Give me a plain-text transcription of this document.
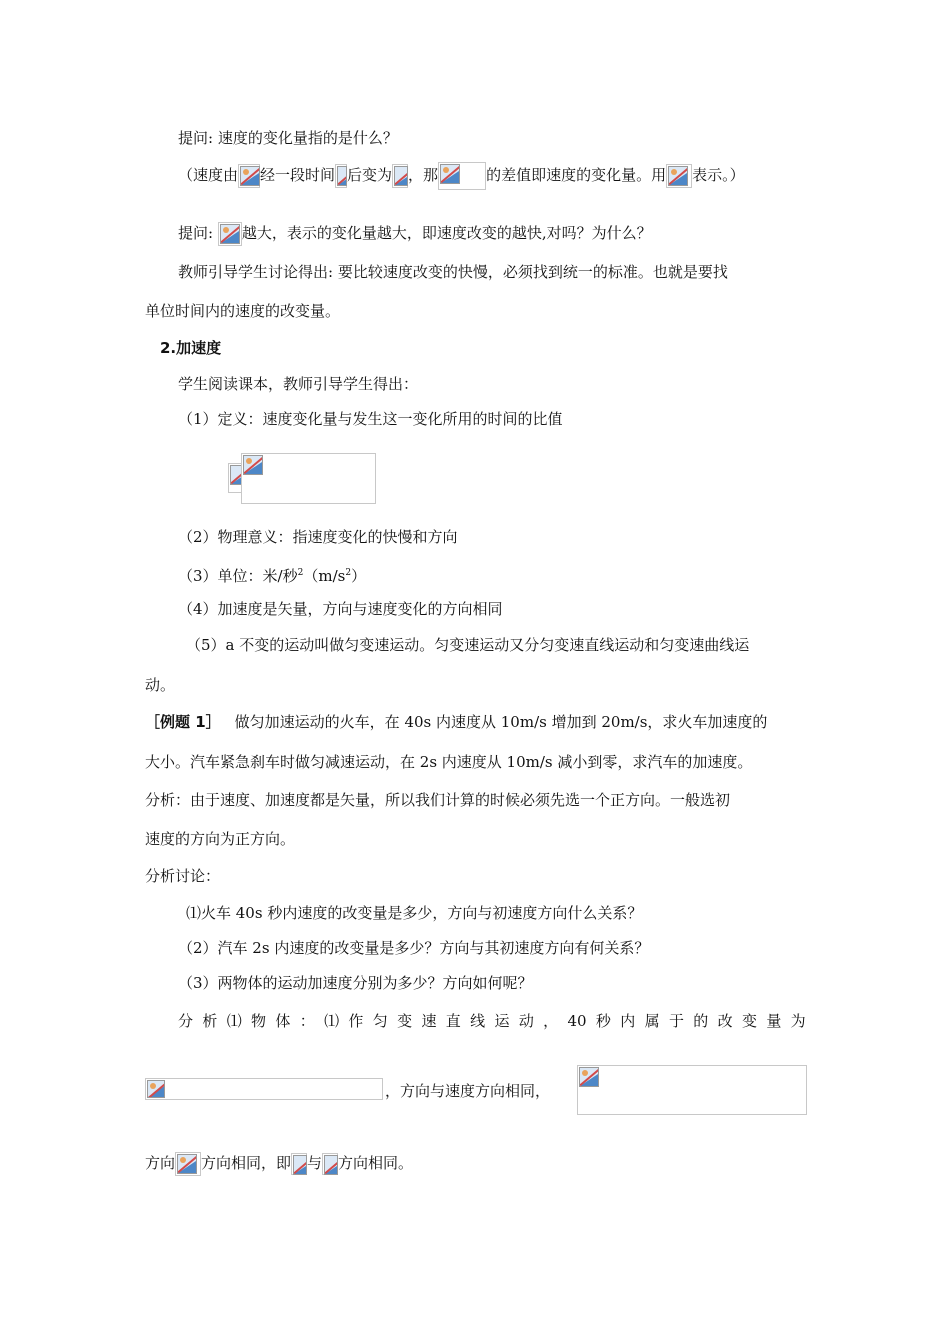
提问: 速度的变化量指的是什么？
（速度由 经一段时间 后变为 ，那	的差值即速度的变化量。用 表示。）
提问: 越大，表示的变化量越大，即速度改变的越快,对吗？为什么？
教师引导学生讨论得出: 要比较速度改变的快慢，必须找到统一的标准。也就是要找
单位时间内的速度的改变量。
2.加速度
学生阅读课本，教师引导学生得出：
（1）定义：速度变化量与发生这一变化所用的时间的比值
（2）物理意义：指速度变化的快慢和方向
（3）单位：米/秒$^2(m/s^2)$
（4）加速度是矢量，方向与速度变化的方向相同
（5）a 不变的运动叫做匀变速运动。匀变速运动又分匀变速直线运动和匀变速曲线运
动。
［例题 1］ 做匀加速运动的火车，在 40s 内速度从 10m/s 增加到 20m/s，求火车加速度的
大小。汽车紧急刹车时做匀减速运动，在 2s 内速度从 10m/s 减小到零，求汽车的加速度。
分析：由于速度、加速度都是矢量，所以我们计算的时候必须先选一个正方向。一般选初
速度的方向为正方向。
分析讨论：
⑴火车 40s 秒内速度的改变量是多少，方向与初速度方向什么关系？
（2）汽车 2s 内速度的改变量是多少？方向与其初速度方向有何关系？
（3）两物体的运动加速度分别为多少？方向如何呢？
分 析 ⑴ 物 体 ： ⑴ 作 匀 变 速 直 线 运 动 ， 40 秒 内 属 于 的 改 变 量 为
，方向与速度方向相同，
方向 方向相同，即 与 方向相同。
